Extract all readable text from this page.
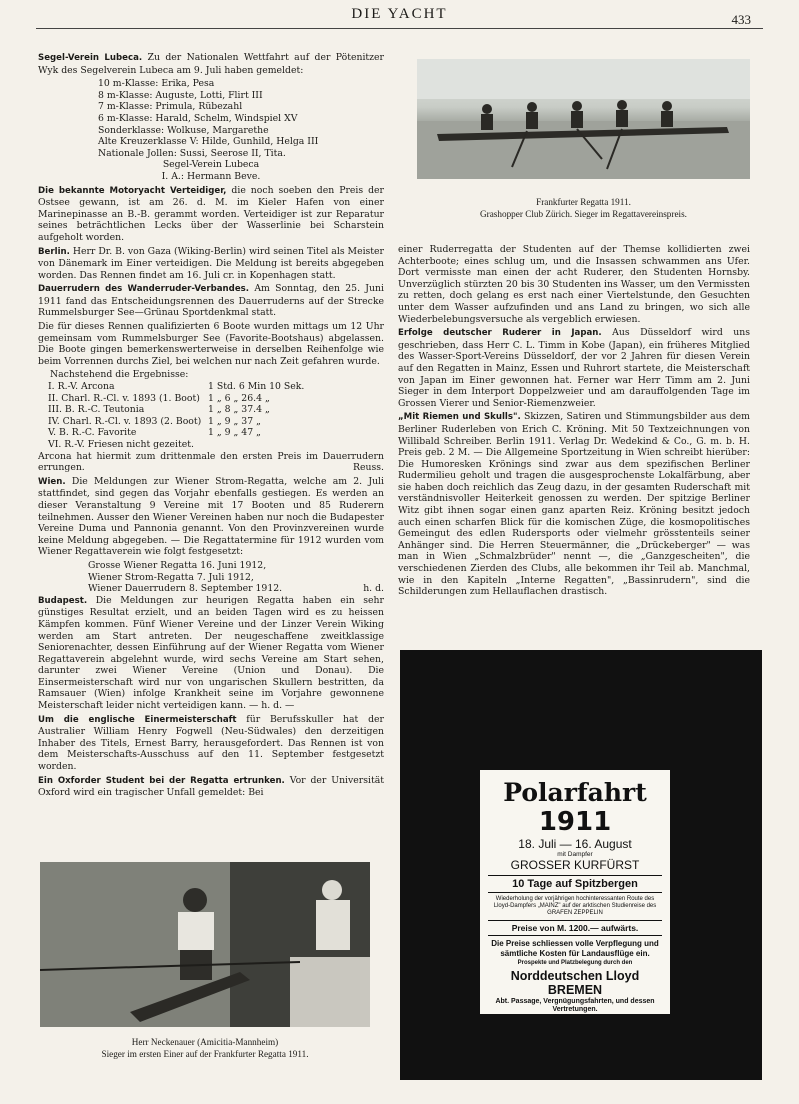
DIE YACHT	433

Segel-Verein Lubeca. Zu der Nationalen Wettfahrt auf der Pötenitzer Wyk des Segelverein Lubeca am 9. Juli haben gemeldet:

10 m-Klasse: Erika, Pesa
8 m-Klasse: Auguste, Lotti, Flirt III
7 m-Klasse: Primula, Rübezahl
6 m-Klasse: Harald, Schelm, Windspiel XV
Sonderklasse: Wolkuse, Margarethe
Alte Kreuzerklasse V: Hilde, Gunhild, Helga III
Nationale Jollen: Sussi, Seerose II, Tita.
Segel-Verein Lubeca

I. A.: Hermann Beve.

Die bekannte Motoryacht Verteidiger, die noch soeben den Preis der Ostsee gewann, ist am 26. d. M. im Kieler Hafen von einer Marinepinasse an B.-B. gerammt worden. Verteidiger ist zur Reparatur seines beträchtlichen Lecks über der Wasserlinie bei Scharstein aufgeholt worden.

Berlin. Herr Dr. B. von Gaza (Wiking-Berlin) wird seinen Titel als Meister von Dänemark im Einer verteidigen. Die Meldung ist bereits abgegeben worden. Das Rennen findet am 16. Juli cr. in Kopenhagen statt.

Dauerrudern des Wanderruder-Verbandes. Am Sonntag, den 25. Juni 1911 fand das Entscheidungsrennen des Dauerruderns auf der Strecke Rummelsburger See—Grünau Sportdenkmal statt.

Die für dieses Rennen qualifizierten 6 Boote wurden mittags um 12 Uhr gemeinsam vom Rummelsburger See (Favorite-Bootshaus) abgelassen. Die Boote gingen bemerkenswerterweise in derselben Reihenfolge wie beim Vorrennen durchs Ziel, bei welchen nur nach Zeit gefahren wurde.

Nachstehend die Ergebnisse:
I. R.-V. Arcona	1 Std. 6 Min 10 Sek.
II. Charl. R.-Cl. v. 1893 (1. Boot) 1 „ 6 „ 26.4 „
III. B. R.-C. Teutonia	1 „ 8 „ 37.4 „
IV. Charl. R.-Cl. v. 1893 (2. Boot) 1 „ 9 „ 37 „
V. B. R.-C. Favorite	1 „ 9 „ 47 „
VI. R.-V. Friesen nicht gezeitet.

Arcona hat hiermit zum drittenmale den ersten Preis im Dauerrudern errungen.	Reuss.

Wien. Die Meldungen zur Wiener Strom-Regatta, welche am 2. Juli stattfindet, sind gegen das Vorjahr ebenfalls gestiegen. Es werden an dieser Veranstaltung 9 Vereine mit 17 Booten und 85 Ruderern teilnehmen. Ausser den Wiener Vereinen haben nur noch die Budapester Vereine Duma und Pannonia genannt. Von den Provinzvereinen wurde keine Meldung abgegeben. — Die Regattatermine für 1912 wurden vom Wiener Regattaverein wie folgt festgesetzt:

Grosse Wiener Regatta 16. Juni 1912,
Wiener Strom-Regatta 7. Juli 1912,
Wiener Dauerrudern 8. September 1912.	h. d.

Budapest. Die Meldungen zur heurigen Regatta haben ein sehr günstiges Resultat erzielt, und an beiden Tagen wird es zu heissen Kämpfen kommen. Fünf Wiener Vereine und der Linzer Verein Wiking werden am Start antreten. Der neugeschaffene zweitklassige Seniorenachter, dessen Einführung auf der Wiener Regatta vom Wiener Regattaverein abgelehnt wurde, wird sechs Vereine am Start sehen, darunter zwei Wiener Vereine (Union und Donau). Die Einsermeisterschaft wird nur von ungarischen Skullern bestritten, da Ramsauer (Wien) infolge Krankheit seine im Vorjahre gewonnene Meisterschaft leider nicht verteidigen kann. — h. d. —

Um die englische Einermeisterschaft für Berufsskuller hat der Australier William Henry Fogwell (Neu-Südwales) den derzeitigen Inhaber des Titels, Ernest Barry, herausgefordert. Das Rennen ist von dem Meisterschafts-Ausschuss auf den 11. September festgesetzt worden.

Ein Oxforder Student bei der Regatta ertrunken. Vor der Universität Oxford wird ein tragischer Unfall gemeldet: Bei

Frankfurter Regatta 1911.
Grashopper Club Zürich. Sieger im Regattavereinspreis.

einer Ruderregatta der Studenten auf der Themse kollidierten zwei Achterboote; eines schlug um, und die Insassen schwammen ans Ufer. Dort vermisste man einen der acht Ruderer, den Studenten Hornsby. Unverzüglich stürzten 20 bis 30 Studenten ins Wasser, um den Vermissten zu retten, doch gelang es erst nach einer Viertelstunde, den Gesuchten unter dem Wasser aufzufinden und ans Land zu bringen, wo sich alle Wiederbelebungsversuche als vergeblich erwiesen.

Erfolge deutscher Ruderer in Japan. Aus Düsseldorf wird uns geschrieben, dass Herr C. L. Timm in Kobe (Japan), ein früheres Mitglied des Wasser-Sport-Vereins Düsseldorf, der vor 2 Jahren für diesen Verein auf den Regatten in Mainz, Essen und Ruhrort startete, die Meisterschaft von Japan im Einer gewonnen hat. Ferner war Herr Timm am 2. Juni Sieger in dem Interport Doppelzweier und am darauffolgenden Tage im Grossen Vierer und Senior-Riemenzweier.

„Mit Riemen und Skulls". Skizzen, Satiren und Stimmungsbilder aus dem Berliner Ruderleben von Erich C. Kröning. Mit 50 Textzeichnungen von Willibald Schreiber. Berlin 1911. Verlag Dr. Wedekind & Co., G. m. b. H. Preis geb. 2 M. — Die Allgemeine Sportzeitung in Wien schreibt hierüber: Die Humoresken Krönings sind zwar aus dem spezifischen Berliner Rudermilieu geholt und tragen die ausgesprochenste Lokalfärbung, aber sie haben doch reichlich das Zeug dazu, in der gesamten Ruderschaft mit verständnisvoller Heiterkeit genossen zu werden. Der spitzige Berliner Witz gibt ihnen sogar einen ganz aparten Reiz. Kröning besitzt jedoch auch einen scharfen Blick für die komischen Züge, die kosmopolitisches Gemeingut des edlen Rudersports oder vielmehr grösstenteils seiner Anhänger sind. Die Herren Steuermänner, die „Drückeberger" — was man in Wien „Schmalzbrüder" nennt —, die „Ganzgescheiten", die verschiedenen Zierden des Clubs, alle bekommen ihr Teil ab. Manchmal, wie in den Kapiteln „Interne Regatten", „Bassinrudern", sind die Schilderungen zum Hellauflachen drastisch.

Herr Neckenauer (Amicitia-Mannheim)
Sieger im ersten Einer auf der Frankfurter Regatta 1911.
Polarfahrt
1911
18. Juli — 16. August
mit Dampfer
GROSSER KURFÜRST
10 Tage auf Spitzbergen
Wiederholung der vorjährigen hochinteressanten Route des Lloyd-Dampfers „MAINZ" auf der arktischen Studienreise des GRAFEN ZEPPELIN
Preise von M. 1200.— aufwärts.
Die Preise schliessen volle Verpflegung und sämtliche Kosten für Landausflüge ein.
Prospekte und Platzbelegung durch den
Norddeutschen Lloyd
BREMEN
Abt. Passage, Vergnügungsfahrten, und dessen Vertretungen.
